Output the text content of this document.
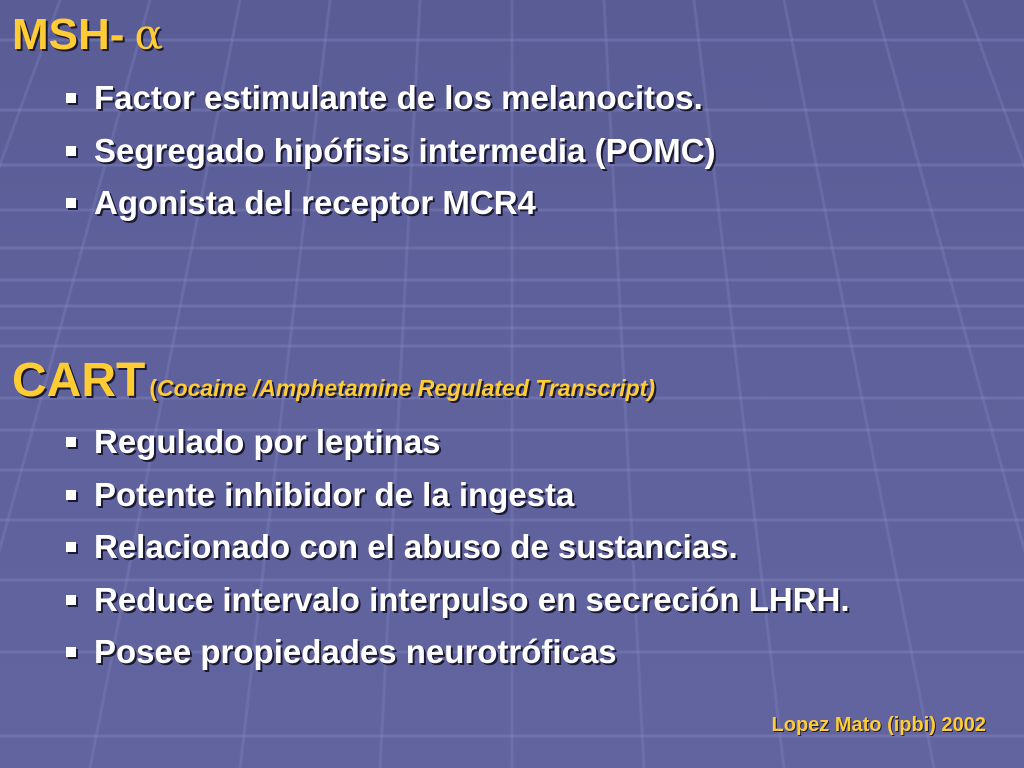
MSH- α
Factor estimulante de los melanocitos.
Segregado hipófisis intermedia (POMC)
Agonista del receptor MCR4
CART (Cocaine /Amphetamine Regulated Transcript)
Regulado por leptinas
Potente inhibidor de la ingesta
Relacionado con el abuso de sustancias.
Reduce intervalo interpulso en secreción LHRH.
Posee propiedades neurotróficas
Lopez Mato (ipbi) 2002
